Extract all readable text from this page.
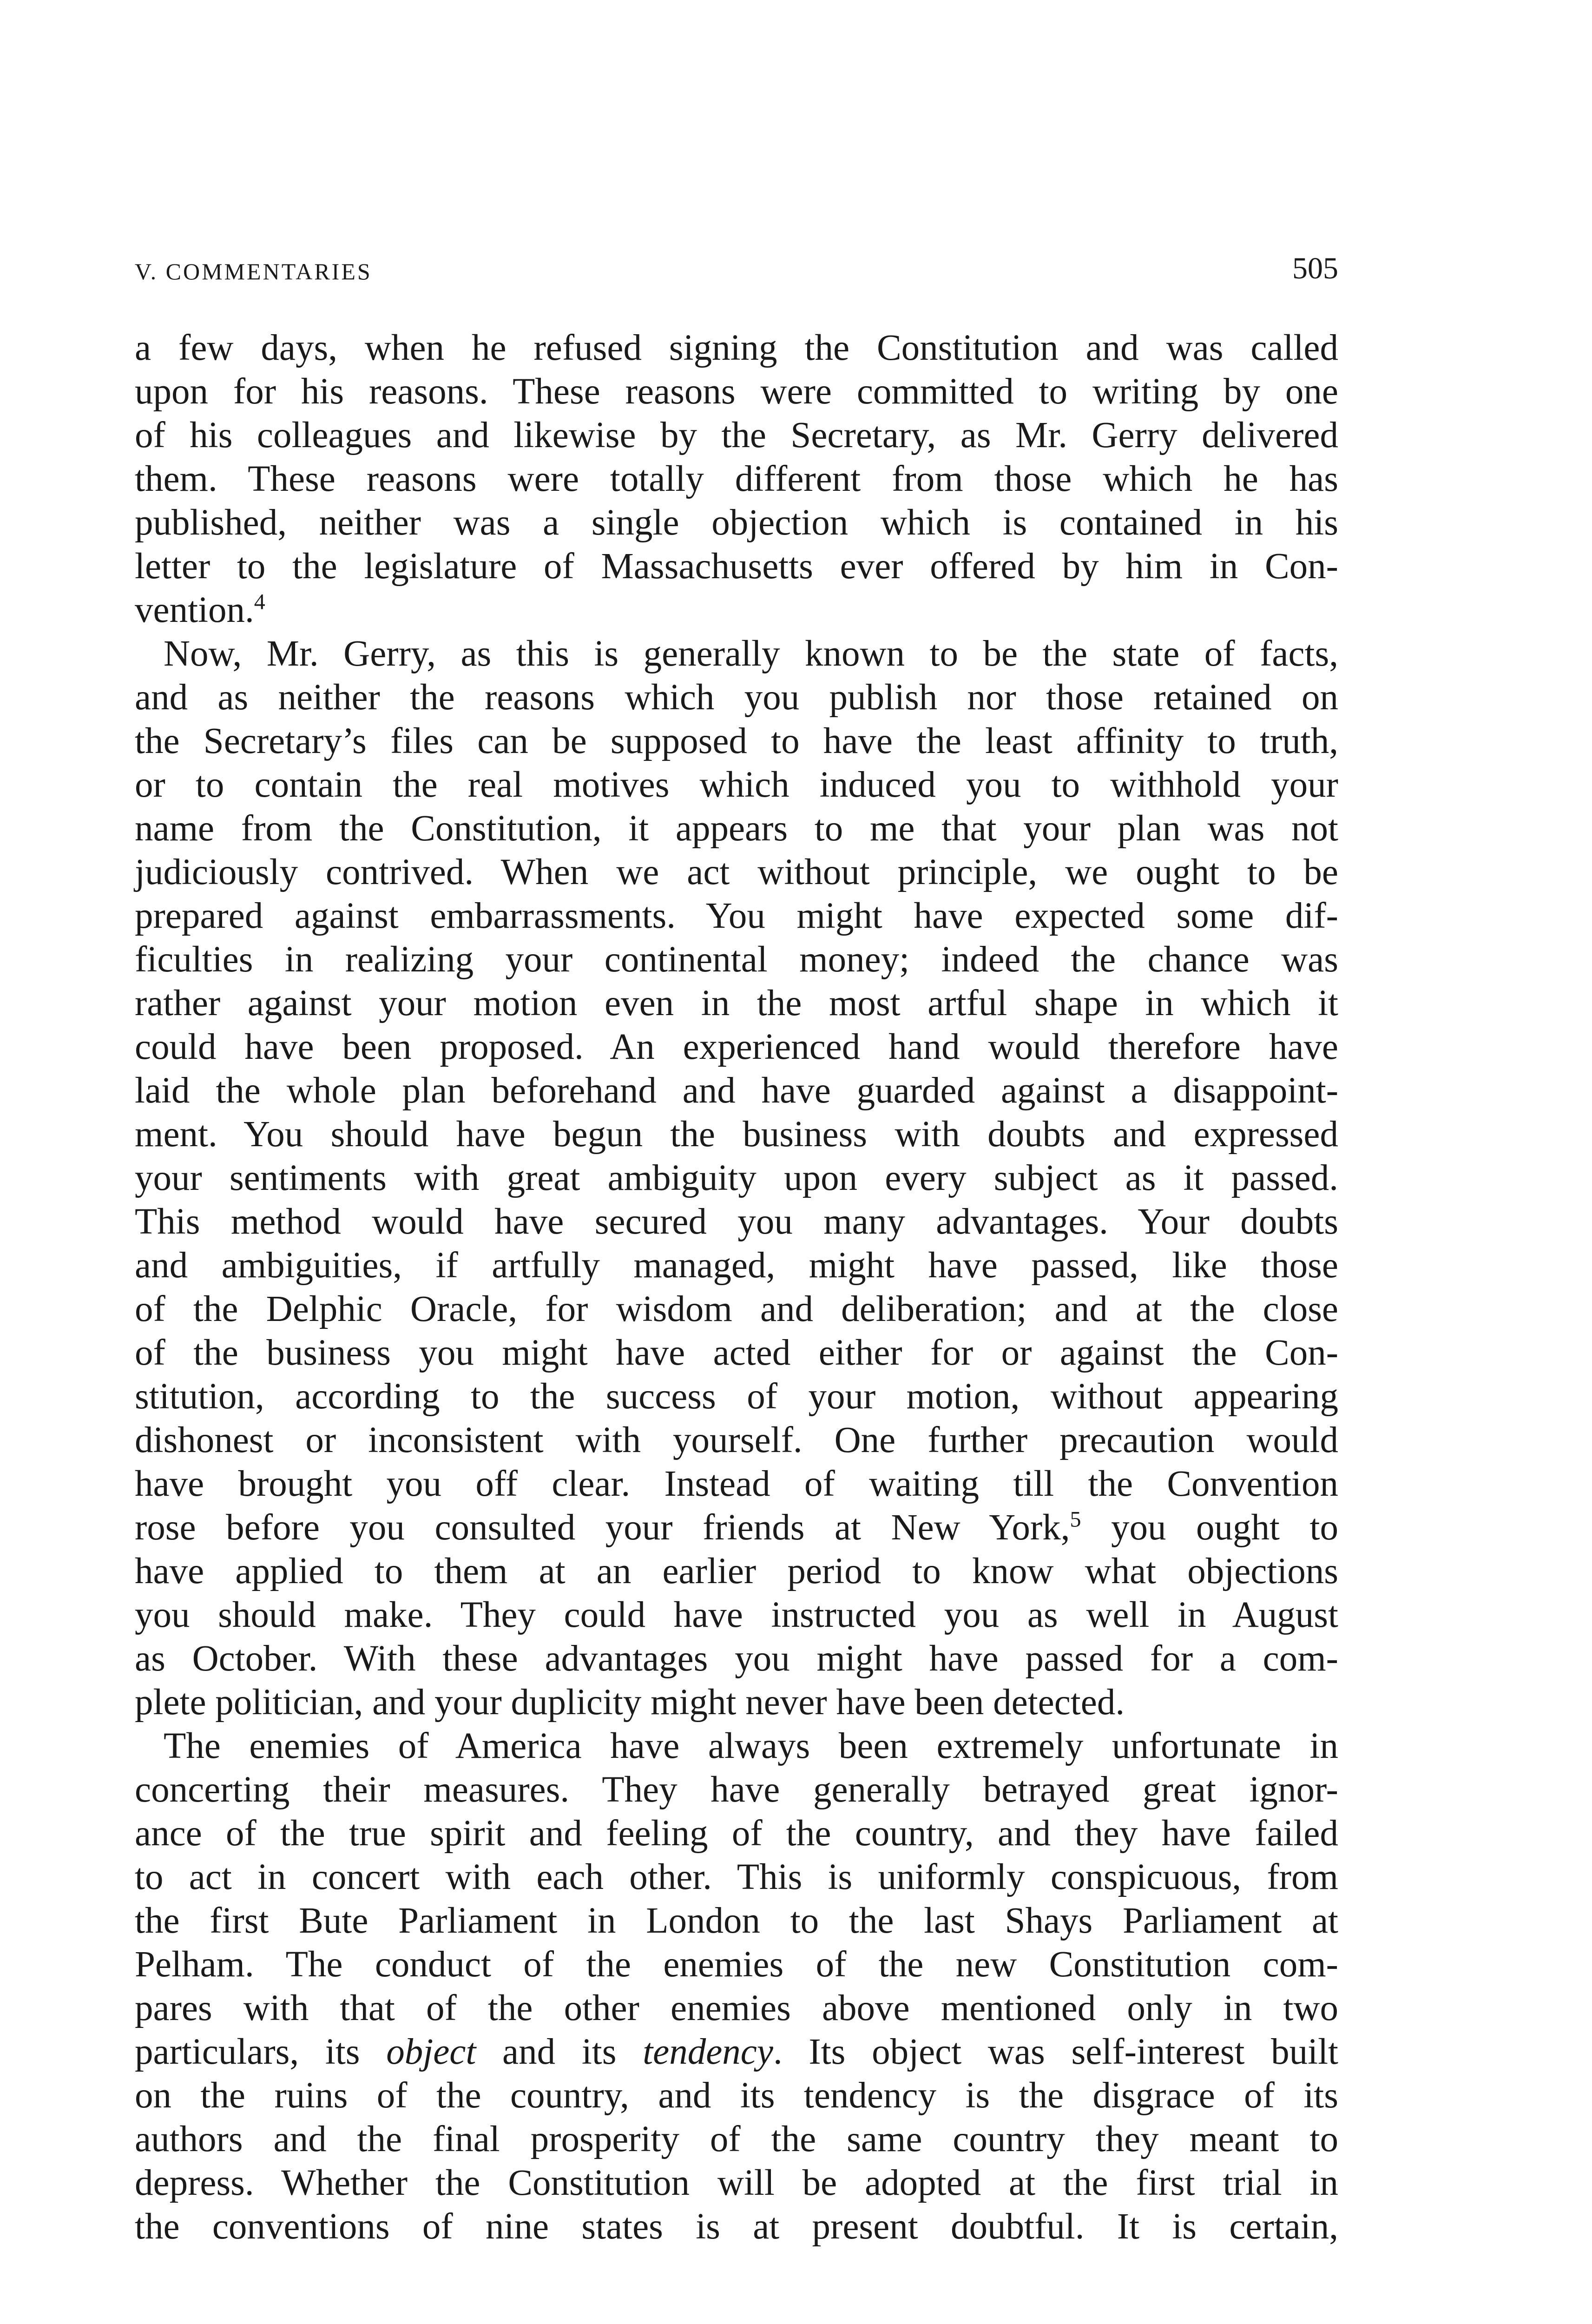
V. COMMENTARIES	505
a few days, when he refused signing the Constitution and was called
upon for his reasons. These reasons were committed to writing by one
of his colleagues and likewise by the Secretary, as Mr. Gerry delivered
them. These reasons were totally different from those which he has
published, neither was a single objection which is contained in his
letter to the legislature of Massachusetts ever offered by him in Con-
vention.$^4$
Now, Mr. Gerry, as this is generally known to be the state of facts,
and as neither the reasons which you publish nor those retained on
the Secretary’s files can be supposed to have the least affinity to truth,
or to contain the real motives which induced you to withhold your
name from the Constitution, it appears to me that your plan was not
judiciously contrived. When we act without principle, we ought to be
prepared against embarrassments. You might have expected some dif-
ficulties in realizing your continental money; indeed the chance was
rather against your motion even in the most artful shape in which it
could have been proposed. An experienced hand would therefore have
laid the whole plan beforehand and have guarded against a disappoint-
ment. You should have begun the business with doubts and expressed
your sentiments with great ambiguity upon every subject as it passed.
This method would have secured you many advantages. Your doubts
and ambiguities, if artfully managed, might have passed, like those
of the Delphic Oracle, for wisdom and deliberation; and at the close
of the business you might have acted either for or against the Con-
stitution, according to the success of your motion, without appearing
dishonest or inconsistent with yourself. One further precaution would
have brought you off clear. Instead of waiting till the Convention
rose before you consulted your friends at New York,$^5$ you ought to
have applied to them at an earlier period to know what objections
you should make. They could have instructed you as well in August
as October. With these advantages you might have passed for a com-
plete politician, and your duplicity might never have been detected.
The enemies of America have always been extremely unfortunate in
concerting their measures. They have generally betrayed great ignor-
ance of the true spirit and feeling of the country, and they have failed
to act in concert with each other. This is uniformly conspicuous, from
the first Bute Parliament in London to the last Shays Parliament at
Pelham. The conduct of the enemies of the new Constitution com-
pares with that of the other enemies above mentioned only in two
particulars, its object and its tendency. Its object was self-interest built
on the ruins of the country, and its tendency is the disgrace of its
authors and the final prosperity of the same country they meant to
depress. Whether the Constitution will be adopted at the first trial in
the conventions of nine states is at present doubtful. It is certain,
